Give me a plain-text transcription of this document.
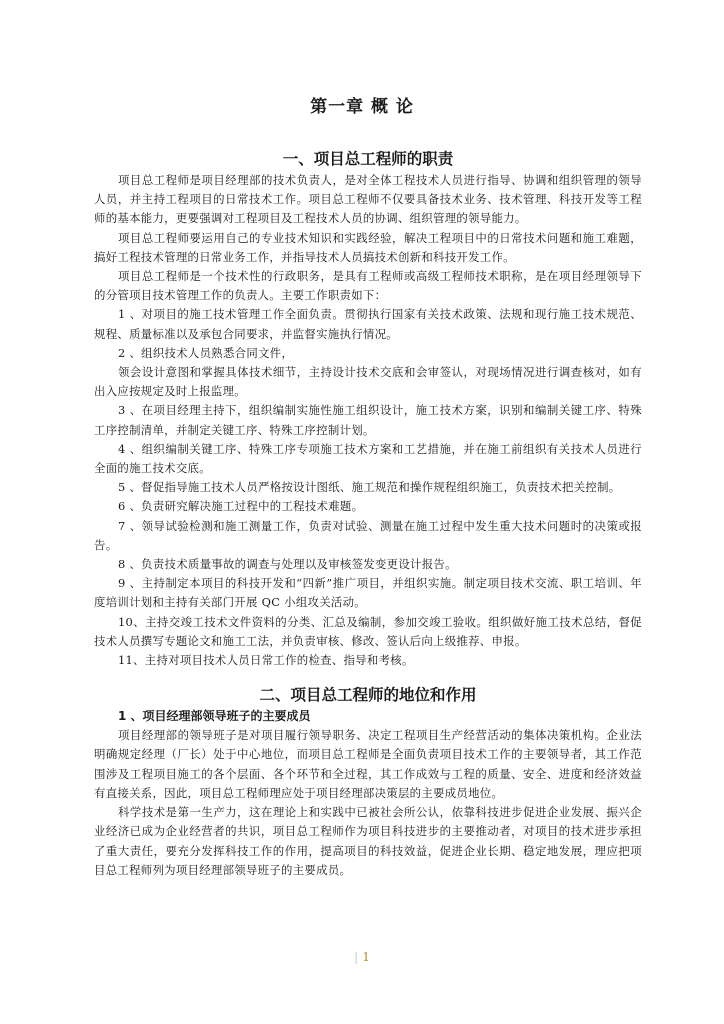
第一章 概 论
一、项目总工程师的职责

项目总工程师是项目经理部的技术负责人，是对全体工程技术人员进行指导、协调和组织管理的领导人员，并主持工程项目的日常技术工作。项目总工程师不仅要具备技术业务、技术管理、科技开发等工程师的基本能力，更要强调对工程项目及工程技术人员的协调、组织管理的领导能力。

项目总工程师要运用自己的专业技术知识和实践经验，解决工程项目中的日常技术问题和施工难题，搞好工程技术管理的日常业务工作，并指导技术人员搞技术创新和科技开发工作。

项目总工程师是一个技术性的行政职务，是具有工程师或高级工程师技术职称，是在项目经理领导下的分管项目技术管理工作的负责人。主要工作职责如下：

1 、对项目的施工技术管理工作全面负责。贯彻执行国家有关技术政策、法规和现行施工技术规范、规程、质量标准以及承包合同要求，并监督实施执行情况。

2 、组织技术人员熟悉合同文件，

领会设计意图和掌握具体技术细节，主持设计技术交底和会审签认，对现场情况进行调查核对，如有出入应按规定及时上报监理。

3 、在项目经理主持下，组织编制实施性施工组织设计，施工技术方案，识别和编制关键工序、特殊工序控制清单，并制定关键工序、特殊工序控制计划。

4 、组织编制关键工序、特殊工序专项施工技术方案和工艺措施，并在施工前组织有关技术人员进行全面的施工技术交底。

5 、督促指导施工技术人员严格按设计图纸、施工规范和操作规程组织施工，负责技术把关控制。

6 、负责研究解决施工过程中的工程技术难题。

7 、领导试验检测和施工测量工作，负责对试验、测量在施工过程中发生重大技术问题时的决策或报告。

8 、负责技术质量事故的调查与处理以及审核签发变更设计报告。

9 、主持制定本项目的科技开发和“四新”推广项目，并组织实施。制定项目技术交流、职工培训、年度培训计划和主持有关部门开展 QC 小组攻关活动。

10、主持交竣工技术文件资料的分类、汇总及编制，参加交竣工验收。组织做好施工技术总结，督促技术人员撰写专题论文和施工工法，并负责审核、修改、签认后向上级推荐、申报。

11、主持对项目技术人员日常工作的检查、指导和考核。

二、项目总工程师的地位和作用
1 、项目经理部领导班子的主要成员

项目经理部的领导班子是对项目履行领导职务、决定工程项目生产经营活动的集体决策机构。企业法明确规定经理（厂长）处于中心地位，而项目总工程师是全面负责项目技术工作的主要领导者，其工作范围涉及工程项目施工的各个层面、各个环节和全过程，其工作成效与工程的质量、安全、进度和经济效益有直接关系，因此，项目总工程师理应处于项目经理部决策层的主要成员地位。

科学技术是第一生产力，这在理论上和实践中已被社会所公认，依靠科技进步促进企业发展、振兴企业经济已成为企业经营者的共识，项目总工程师作为项目科技进步的主要推动者，对项目的技术进步承担了重大责任，要充分发挥科技工作的作用，提高项目的科技效益，促进企业长期、稳定地发展，理应把项目总工程师列为项目经理部领导班子的主要成员。

| 1
